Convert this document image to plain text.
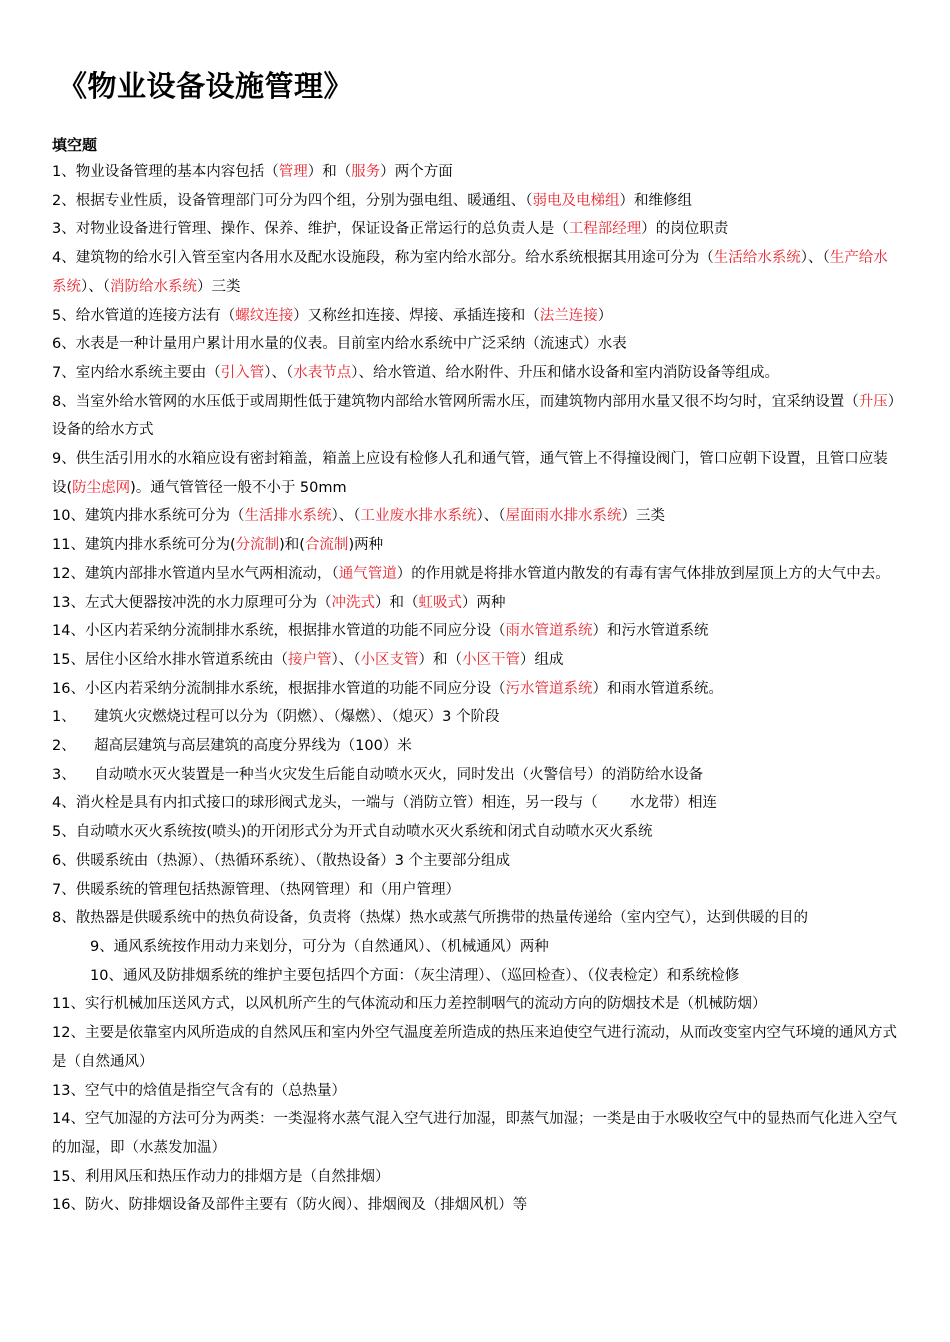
《物业设备设施管理》
填空题

1、物业设备管理的基本内容包括（管理）和（服务）两个方面

2、根据专业性质，设备管理部门可分为四个组，分别为强电组、暖通组、（弱电及电梯组）和维修组

3、对物业设备进行管理、操作、保养、维护，保证设备正常运行的总负责人是（工程部经理）的岗位职责

4、建筑物的给水引入管至室内各用水及配水设施段，称为室内给水部分。给水系统根据其用途可分为（生活给水系统）、（生产给水系统）、（消防给水系统）三类

5、给水管道的连接方法有（螺纹连接）又称丝扣连接、焊接、承插连接和（法兰连接）

6、水表是一种计量用户累计用水量的仪表。目前室内给水系统中广泛采纳（流速式）水表

7、室内给水系统主要由（引入管）、（水表节点）、给水管道、给水附件、升压和储水设备和室内消防设备等组成。

8、当室外给水管网的水压低于或周期性低于建筑物内部给水管网所需水压，而建筑物内部用水量又很不均匀时，宜采纳设置（升压）设备的给水方式

9、供生活引用水的水箱应设有密封箱盖，箱盖上应设有检修人孔和通气管，通气管上不得撞设阀门，管口应朝下设置，且管口应装设(防尘虑网)。通气管管径一般不小于 50mm

10、建筑内排水系统可分为（生活排水系统）、（工业废水排水系统）、（屋面雨水排水系统）三类

11、建筑内排水系统可分为(分流制)和(合流制)两种

12、建筑内部排水管道内呈水气两相流动，（通气管道）的作用就是将排水管道内散发的有毒有害气体排放到屋顶上方的大气中去。

13、左式大便器按冲洗的水力原理可分为（冲洗式）和（虹吸式）两种

14、小区内若采纳分流制排水系统，根据排水管道的功能不同应分设（雨水管道系统）和污水管道系统

15、居住小区给水排水管道系统由（接户管）、（小区支管）和（小区干管）组成

16、小区内若采纳分流制排水系统，根据排水管道的功能不同应分设（污水管道系统）和雨水管道系统。

1、    建筑火灾燃烧过程可以分为（阴燃）、（爆燃）、（熄灭）3 个阶段

2、    超高层建筑与高层建筑的高度分界线为（100）米

3、    自动喷水灭火装置是一种当火灾发生后能自动喷水灭火，同时发出（火警信号）的消防给水设备

4、消火栓是具有内扣式接口的球形阀式龙头，一端与（消防立管）相连，另一段与（       水龙带）相连

5、自动喷水灭火系统按(喷头)的开闭形式分为开式自动喷水灭火系统和闭式自动喷水灭火系统

6、供暖系统由（热源）、（热循环系统）、（散热设备）3 个主要部分组成

7、供暖系统的管理包括热源管理、（热网管理）和（用户管理）

8、散热器是供暖系统中的热负荷设备，负责将（热煤）热水或蒸气所携带的热量传递给（室内空气），达到供暖的目的

9、通风系统按作用动力来划分，可分为（自然通风）、（机械通风）两种

10、通风及防排烟系统的维护主要包括四个方面：（灰尘清理）、（巡回检查）、（仪表检定）和系统检修

11、实行机械加压送风方式，以风机所产生的气体流动和压力差控制咽气的流动方向的防烟技术是（机械防烟）

12、主要是依靠室内风所造成的自然风压和室内外空气温度差所造成的热压来迫使空气进行流动，从而改变室内空气环境的通风方式是（自然通风）

13、空气中的焓值是指空气含有的（总热量）

14、空气加湿的方法可分为两类：一类湿将水蒸气混入空气进行加湿，即蒸气加湿；一类是由于水吸收空气中的显热而气化进入空气的加湿，即（水蒸发加温）

15、利用风压和热压作动力的排烟方是（自然排烟）

16、防火、防排烟设备及部件主要有（防火阀）、排烟阀及（排烟风机）等
